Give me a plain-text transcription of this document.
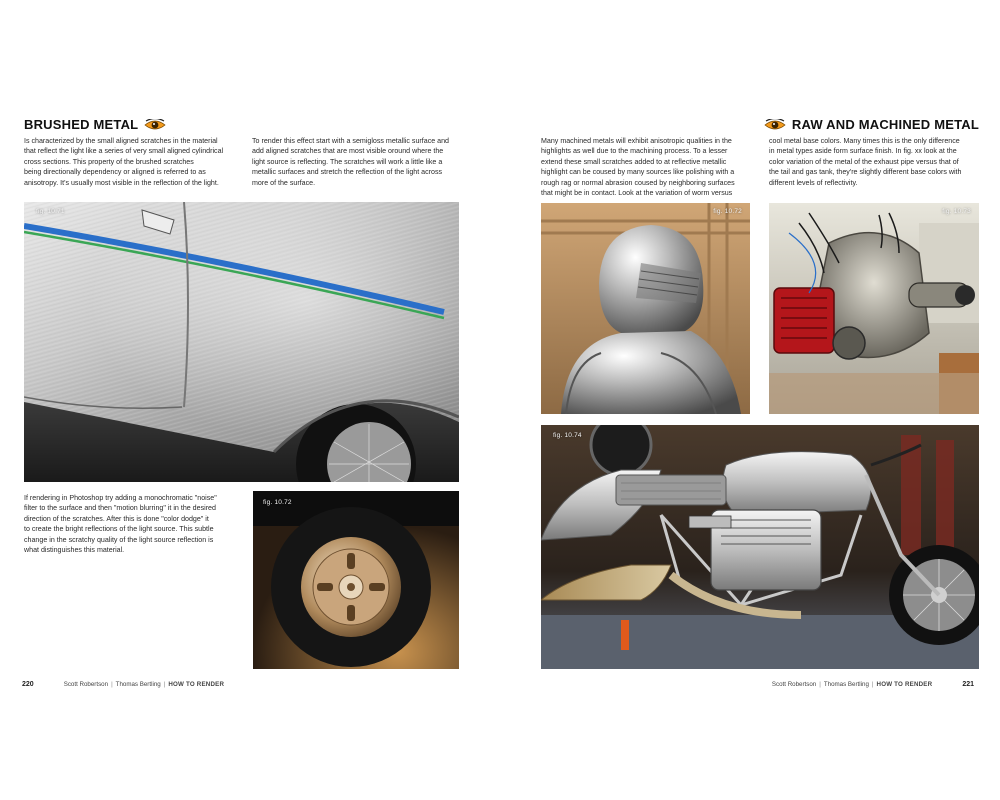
BRUSHED METAL

Is characterized by the small aligned scratches in the material
that reflect the light like a series of very small aligned cylindrical
cross sections. This property of the brushed scratches
being directionally dependency or aligned is referred to as
anisotropy. It's usually most visible in the reflection of the light.

To render this effect start with a semigloss metallic surface and
add aligned scratches that are most visible oround where the
light source is reflecting. The scratches will work a little like a
metallic surfaces and stretch the reflection of the light across
more of the surface.

fig. 10.71

If rendering in Photoshop try adding a monochromatic "noise"
filter to the surface and then "motion blurring" it in the desired
direction of the scratches. After this is done "color dodge" it
to create the bright reflections of the light source. This subtle
change in the scratchy quality of the light source reflection is
what distinguishes this material.

fig. 10.72
220	Scott Robertson | Thomas Bertling | HOW TO RENDER
RAW AND MACHINED METAL

Many machined metals will exhibit anisotropic qualities in the
highlights as well due to the machining process. To a lesser
extend these small scratches added to at reflective metallic
highlight can be coused by many sources like polishing with a
rough rag or normal abrasion coused by neighboring surfaces
that might be in contact. Look at the variation of worm versus

cool metal base colors. Many times this is the only difference
in metal types aside form surface finish. In fig. xx look at the
color variation of the metal of the exhaust pipe versus that of
the tail and gas tank, they're slightly different base colors with
different levels of reflectivity.

fig. 10.72	fig. 10.73
fig. 10.74
Scott Robertson | Thomas Bertling | HOW TO RENDER	221
